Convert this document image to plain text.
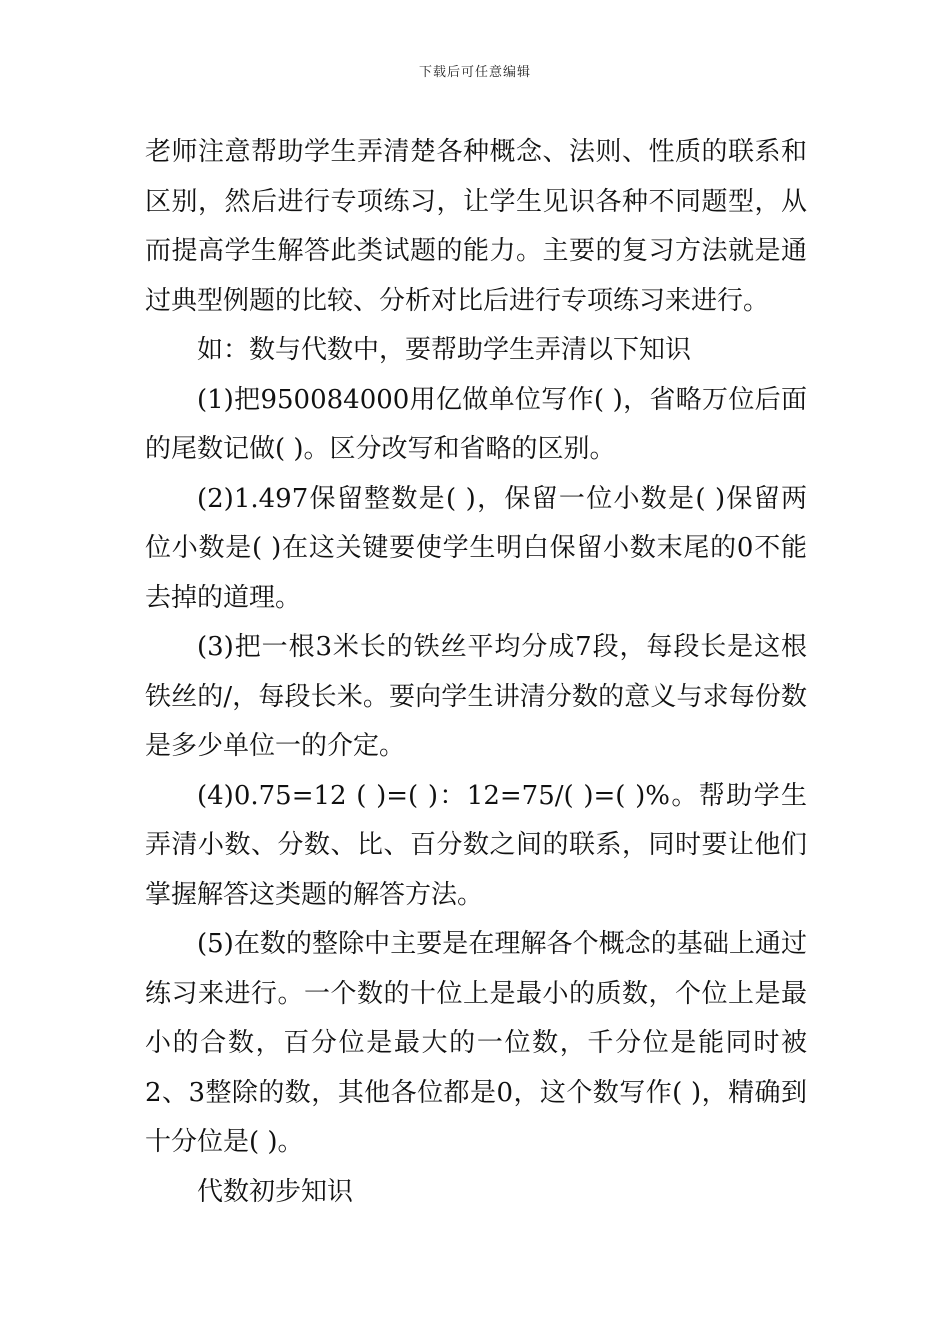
下载后可任意编辑

老师注意帮助学生弄清楚各种概念、法则、性质的联系和区别，然后进行专项练习，让学生见识各种不同题型，从而提高学生解答此类试题的能力。主要的复习方法就是通过典型例题的比较、分析对比后进行专项练习来进行。

如：数与代数中，要帮助学生弄清以下知识

(1)把950084000用亿做单位写作( )，省略万位后面的尾数记做( )。区分改写和省略的区别。

(2)1.497保留整数是( )，保留一位小数是( )保留两位小数是( )在这关键要使学生明白保留小数末尾的0不能去掉的道理。

(3)把一根3米长的铁丝平均分成7段，每段长是这根铁丝的/，每段长米。要向学生讲清分数的意义与求每份数是多少单位一的介定。

(4)0.75=12 ( )=( )：12=75/( )=( )%。帮助学生弄清小数、分数、比、百分数之间的联系，同时要让他们掌握解答这类题的解答方法。

(5)在数的整除中主要是在理解各个概念的基础上通过练习来进行。一个数的十位上是最小的质数，个位上是最小的合数，百分位是最大的一位数，千分位是能同时被2、3整除的数，其他各位都是0，这个数写作( )，精确到十分位是( )。

代数初步知识
